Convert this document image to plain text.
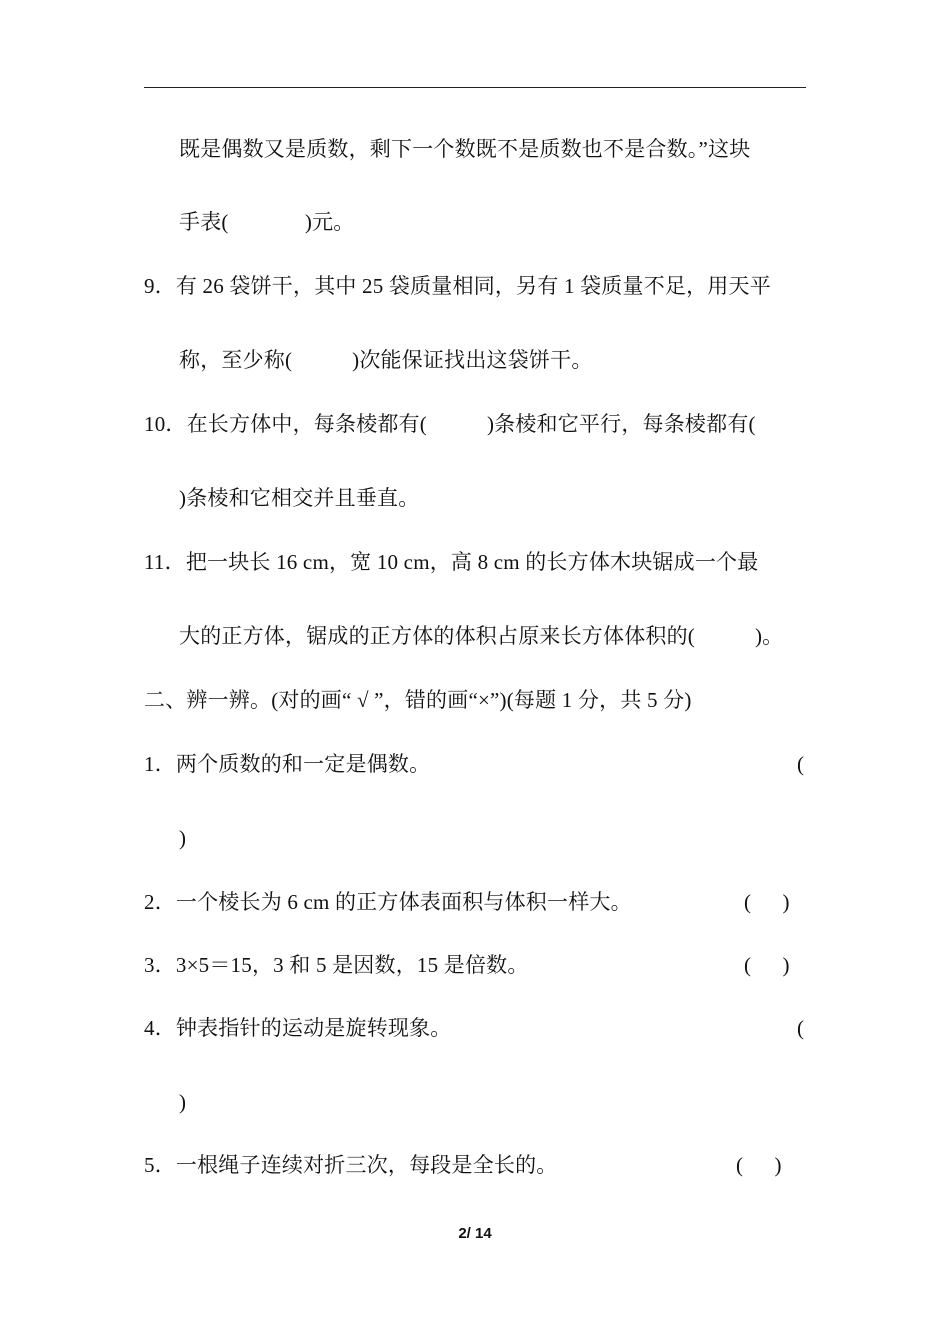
既是偶数又是质数，剩下一个数既不是质数也不是合数。”这块
手表(              )元。
9．有 26 袋饼干，其中 25 袋质量相同，另有 1 袋质量不足，用天平
称，至少称(           )次能保证找出这袋饼干。
10．在长方体中，每条棱都有(           )条棱和它平行，每条棱都有(
)条棱和它相交并且垂直。
11．把一块长 16 cm，宽 10 cm，高 8 cm 的长方体木块锯成一个最
大的正方体，锯成的正方体的体积占原来长方体体积的(           )。
二、辨一辨。(对的画“ √ ”，错的画“×”)(每题 1 分，共 5 分)
1．两个质数的和一定是偶数。	(
)
2．一个棱长为 6 cm 的正方体表面积与体积一样大。	(      )
3．3×5＝15，3 和 5 是因数，15 是倍数。	(      )
4．钟表指针的运动是旋转现象。	(
)
5．一根绳子连续对折三次，每段是全长的。	(      )
2/ 14
